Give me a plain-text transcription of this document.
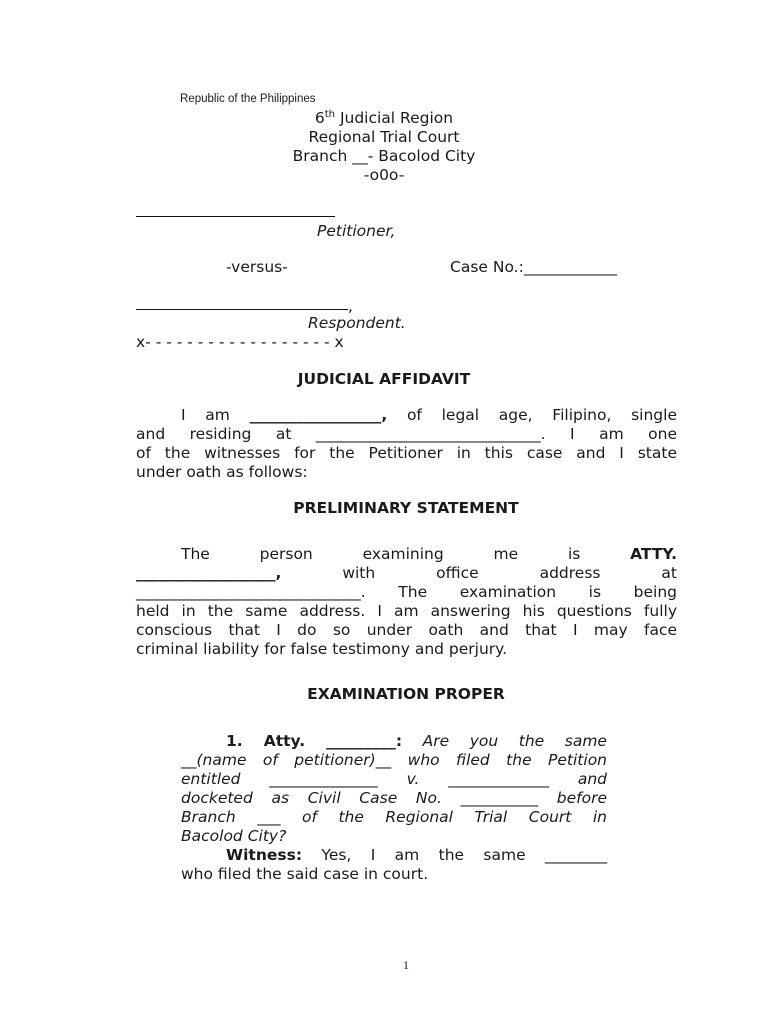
Republic of the Philippines
6th Judicial Region
Regional Trial Court
Branch __- Bacolod City
-o0o-
Petitioner,
-versus-	Case No.:____________
,
Respondent.
x- - - - - - - - - - - - - - - - - - x
JUDICIAL AFFIDAVIT
I am _________________, of legal age, Filipino, single
and residing at _____________________________. I am one
of the witnesses for the Petitioner in this case and I state
under oath as follows:
PRELIMINARY STATEMENT
The	person	examining	me	is	ATTY.
__________________,	with	office	address	at
_____________________________. The examination is being
held in the same address. I am answering his questions fully
conscious that I do so under oath and that I may face
criminal liability for false testimony and perjury.
EXAMINATION PROPER
1. Atty. _________: Are you the same
__(name of petitioner)__ who filed the Petition
entitled ______________ v. _____________ and
docketed as Civil Case No. __________ before
Branch ___ of the Regional Trial Court in
Bacolod City?
Witness: Yes, I am the same ________
who filed the said case in court.
1
